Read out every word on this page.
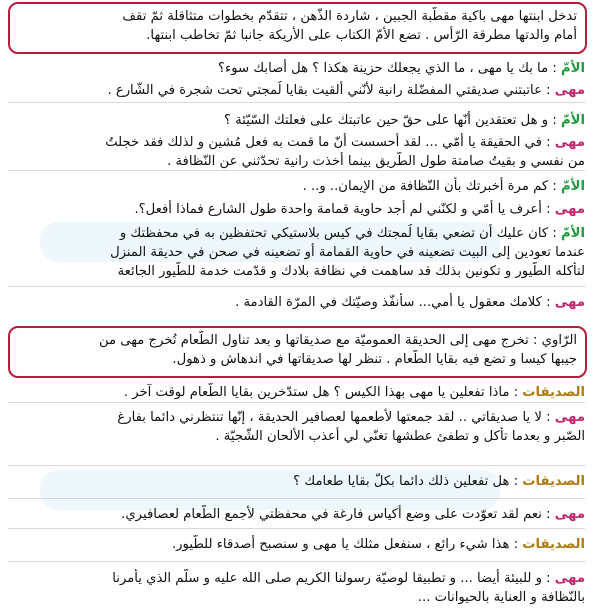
تدخل ابنتها مهى باكية مقطّبة الجبين ، شاردة الذّهن ، تتقدّم بخطوات متثاقلة ثمّ تقف
أمام والدتها مطرقة الرّأس . تضع الأمّ الكتاب على الأريكة جانبا ثمّ تخاطب ابنتها.
الأمّ : ما بك يا مهى ، ما الذي يجعلك حزينة هكذا ؟ هل أصابك سوء؟
مهى : عاتبتني صديقتي المفضّلة رانية لأنّني ألقيت بقايا لُمجتي تحت شجرة في الشّارع .
الأمّ : و هل تعتقدين أنّها على حقّ حين عاتبتك على فعلتك السّيّئة ؟
مهى : في الحقيقة يا أمّي ... لقد أحسست أنّ ما قمت به فعل مُشين و لذلك فقد خجلتُ
من نفسي و بقيتُ صامتة طول الطّريق بينما أخذت رانية تحدّثني عن النّظافة .
الأمّ : كم مرة أخبرتك بأن النّظافة من الإيمان.. و.. .
مهى : أعرف يا أمّي و لكنّني لم أجد حاوية قمامة واحدة طول الشارع فماذا أفعل؟.
الأمّ : كان عليك أن تضعي بقايا لُمجتك في كيس بلاستيكي تحتفظين به في محفظتك و
عندما تعودين إلى البيت تضعينه في حاوية القمامة أو تضعينه في صحن في حديقة المنزل
لتأكله الطّيور و تكونين بذلك قد ساهمت في نظافة بلادك و قدّمت خدمة للطّيور الجائعة
مهى : كلامك معقول يا أمي... سأنفّذ وصيّتك في المرّة القادمة .
الرّاوي : تخرج مهى إلى الحديقة العموميّة مع صديقاتها و بعد تناول الطّعام تُخرج مهى من
جيبها كيسا و تضع فيه بقايا الطّعام . تنظر لها صديقاتها في اندهاش و ذهول.
الصديقات : ماذا تفعلين يا مهى بهذا الكيس ؟ هل ستدّخرين بقايا الطّعام لوقت آخر .
مهى : لا يا صديقاتي .. لقد جمعتها لأطعمها لعصافير الحديقة ، إنّها تنتظرني دائما بفارغ
الصّبر و بعدما تأكل و تطفئ عطشها تغنّي لي أعذب الألحان الشّجيّة .
الصديقات : هل تفعلين ذلك دائما بكلّ بقايا طعامك ؟
مهى : نعم لقد تعوّدت على وضع أكياس فارغة في محفظتي لأجمع الطّعام لعصافيري.
الصديقات : هذا شيء رائع ، سنفعل مثلك يا مهى و سنصبح أصدقاء للطّيور.
مهى : و للبيئة أيضا ... و تطبيقا لوصيّة رسولنا الكريم صلى الله عليه و سلّم الذي يأمرنا
بالنّظافة و العناية بالحيوانات ...
